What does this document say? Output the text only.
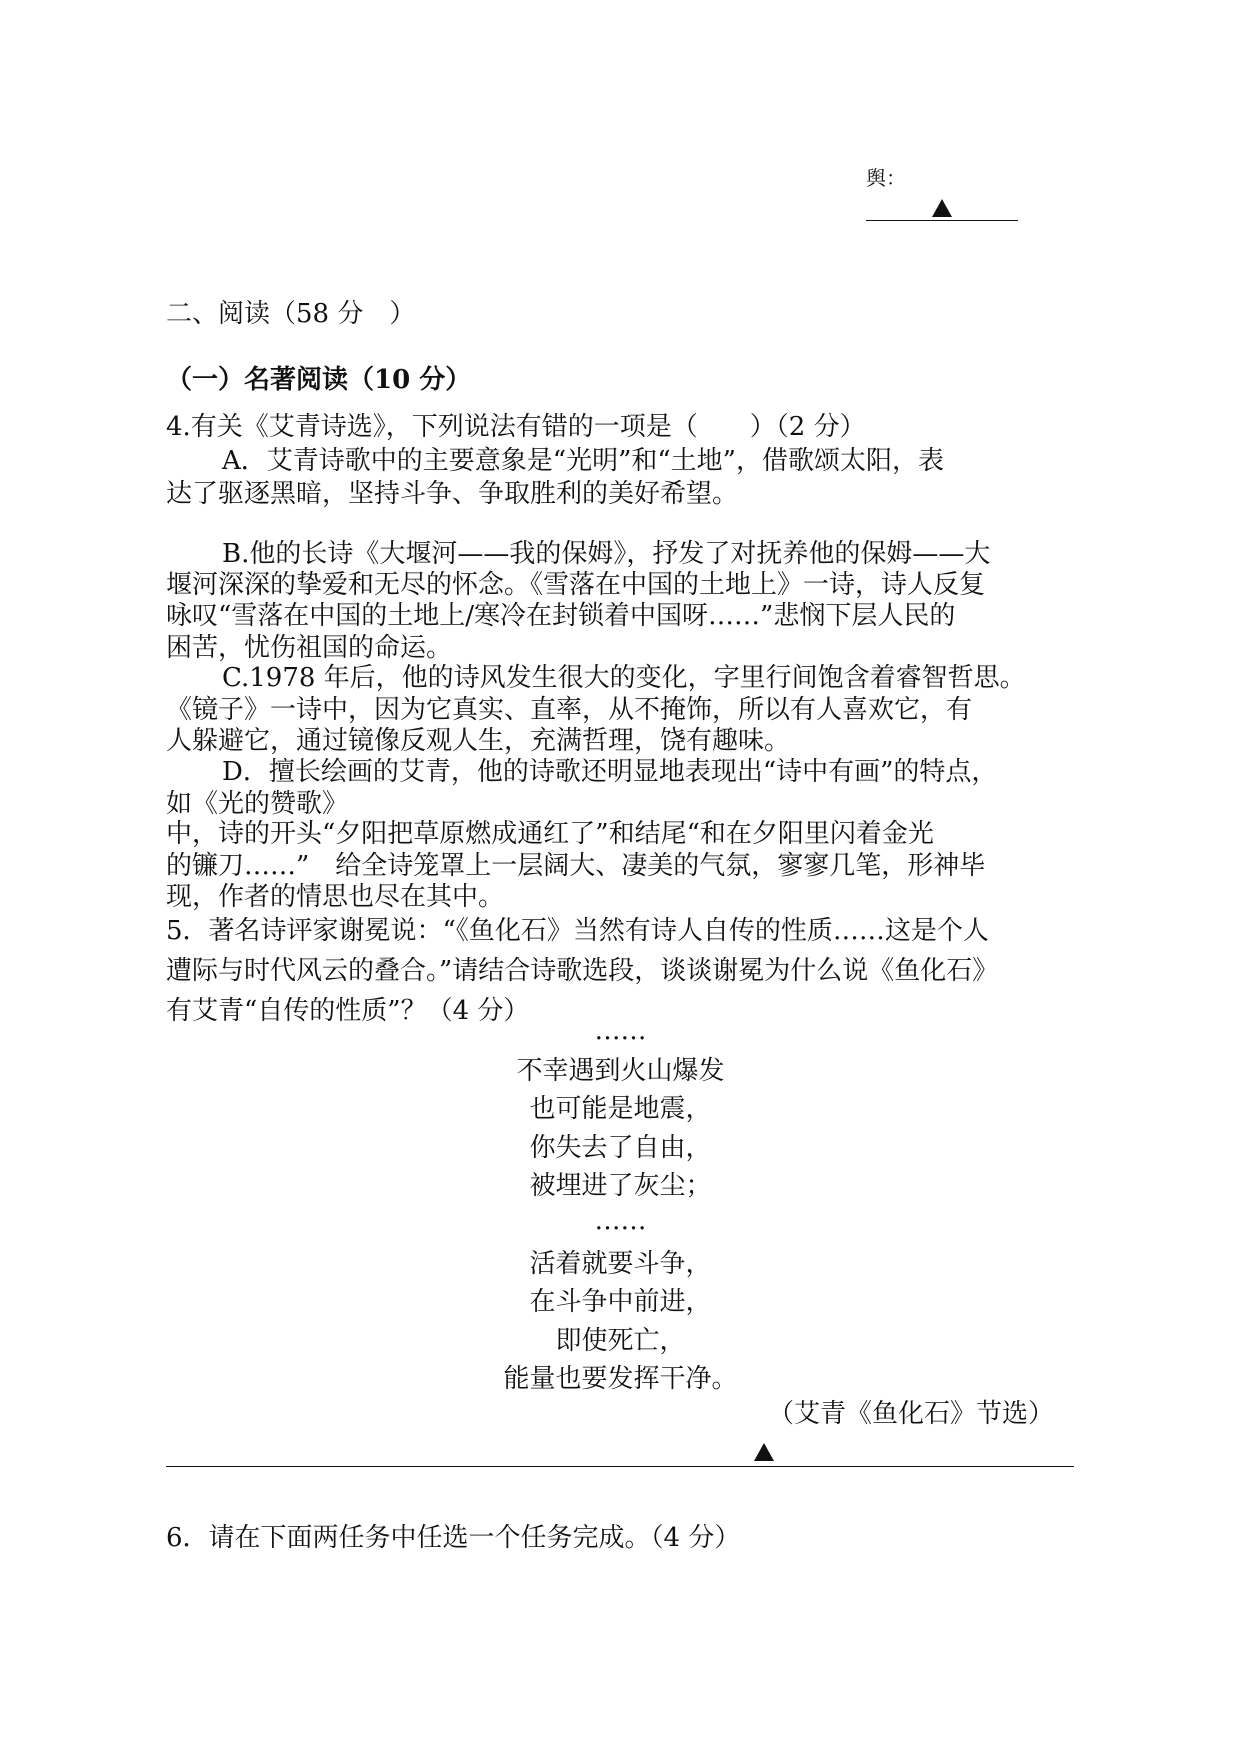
舆：
二、阅读（58 分　）
（一）名著阅读（10 分）
4.有关《艾青诗选》，下列说法有错的一项是（　　）（2 分）
A．艾青诗歌中的主要意象是“光明”和“土地”，借歌颂太阳，表
达了驱逐黑暗，坚持斗争、争取胜利的美好希望。
B.他的长诗《大堰河——我的保姆》，抒发了对抚养他的保姆——大
堰河深深的挚爱和无尽的怀念。《雪落在中国的土地上》一诗，诗人反复
咏叹“雪落在中国的土地上/寒冷在封锁着中国呀……”悲悯下层人民的
困苦，忧伤祖国的命运。
C.1978 年后，他的诗风发生很大的变化，字里行间饱含着睿智哲思。
《镜子》一诗中，因为它真实、直率，从不掩饰，所以有人喜欢它，有
人躲避它，通过镜像反观人生，充满哲理，饶有趣味。
D．擅长绘画的艾青，他的诗歌还明显地表现出“诗中有画”的特点，
如《光的赞歌》
中，诗的开头“夕阳把草原燃成通红了”和结尾“和在夕阳里闪着金光
的镰刀……”　给全诗笼罩上一层阔大、凄美的气氛，寥寥几笔，形神毕
现，作者的情思也尽在其中。
5．著名诗评家谢冕说：“《鱼化石》当然有诗人自传的性质……这是个人
遭际与时代风云的叠合。”请结合诗歌选段，谈谈谢冕为什么说《鱼化石》
有艾青“自传的性质”？（4 分）
……
不幸遇到火山爆发
也可能是地震，
你失去了自由，
被埋进了灰尘；
……
活着就要斗争，
在斗争中前进，
即使死亡，
能量也要发挥干净。
（艾青《鱼化石》节选）
6．请在下面两任务中任选一个任务完成。（4 分）
